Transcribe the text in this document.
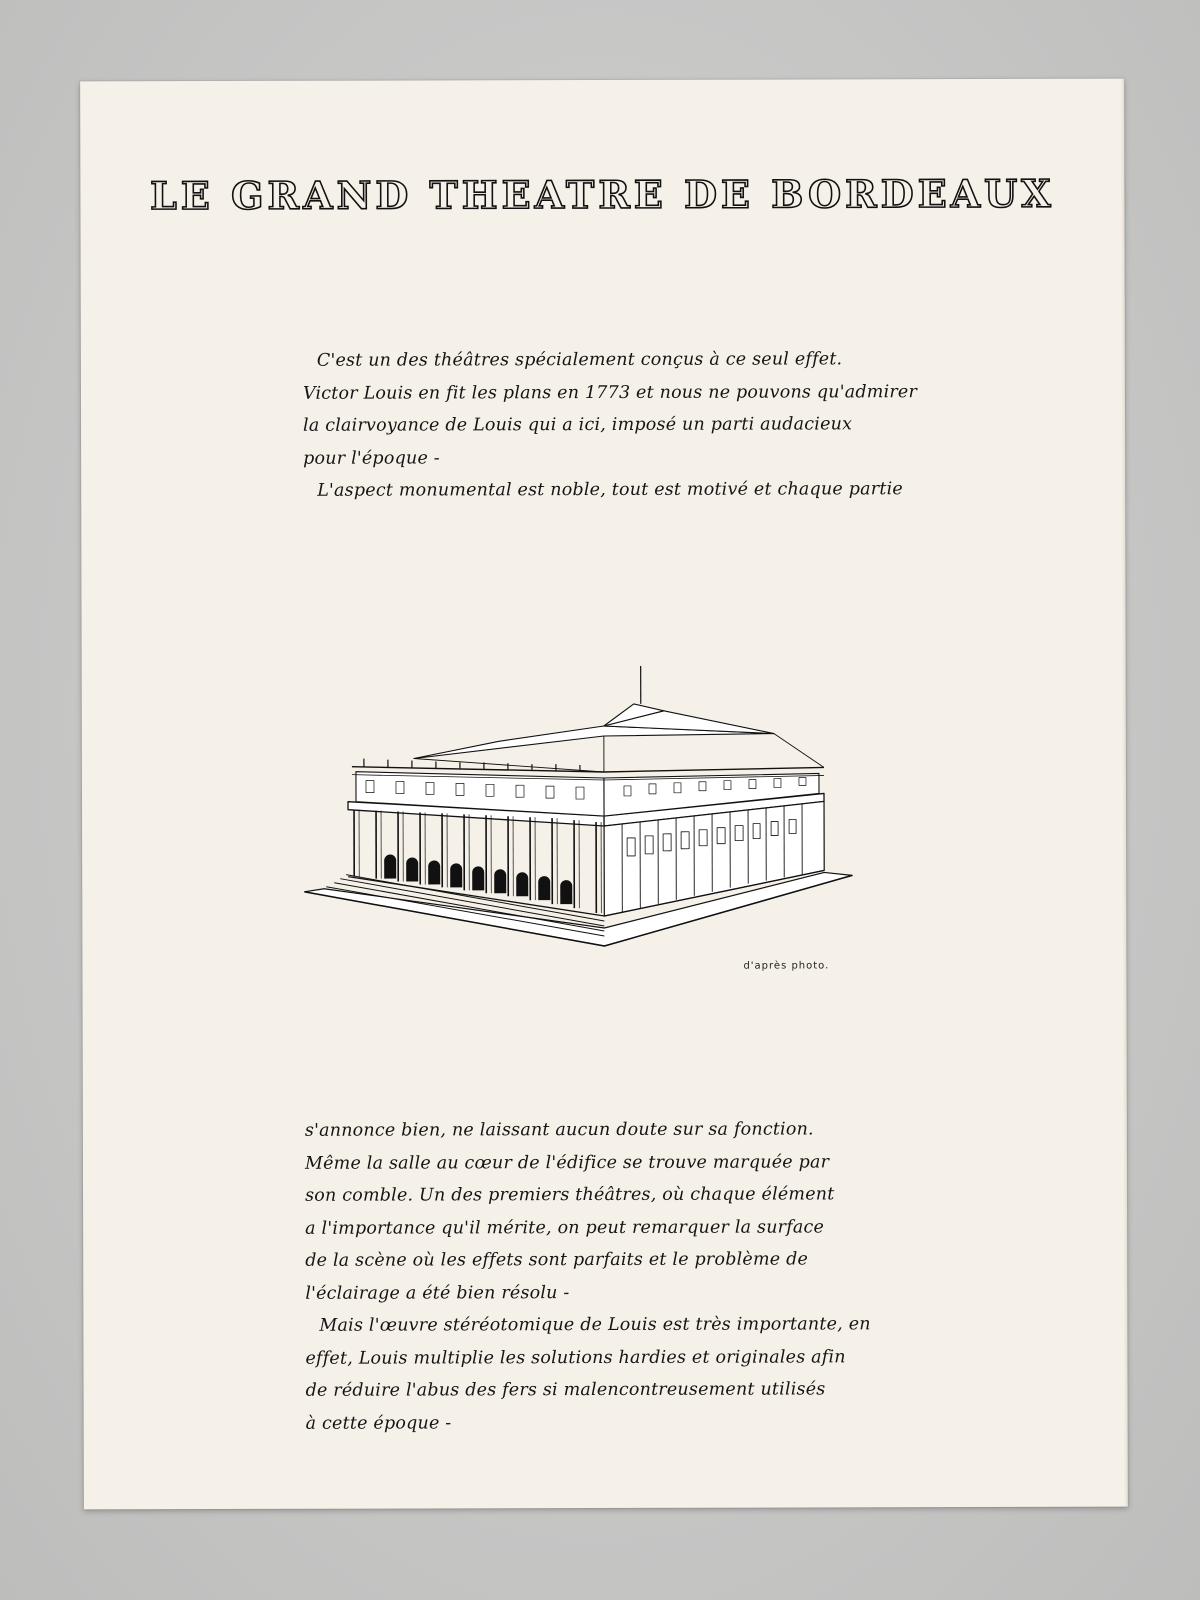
LE GRAND THEATRE DE BORDEAUX
C'est un des théâtres spécialement conçus à ce seul effet.
Victor Louis en fit les plans en 1773 et nous ne pouvons qu'admirer
la clairvoyance de Louis qui a ici, imposé un parti audacieux
pour l'époque -
L'aspect monumental est noble, tout est motivé et chaque partie
d'après photo.
s'annonce bien, ne laissant aucun doute sur sa fonction.
Même la salle au cœur de l'édifice se trouve marquée par
son comble. Un des premiers théâtres, où chaque élément
a l'importance qu'il mérite, on peut remarquer la surface
de la scène où les effets sont parfaits et le problème de
l'éclairage a été bien résolu -
Mais l'œuvre stéréotomique de Louis est très importante, en
effet, Louis multiplie les solutions hardies et originales afin
de réduire l'abus des fers si malencontreusement utilisés
à cette époque -
